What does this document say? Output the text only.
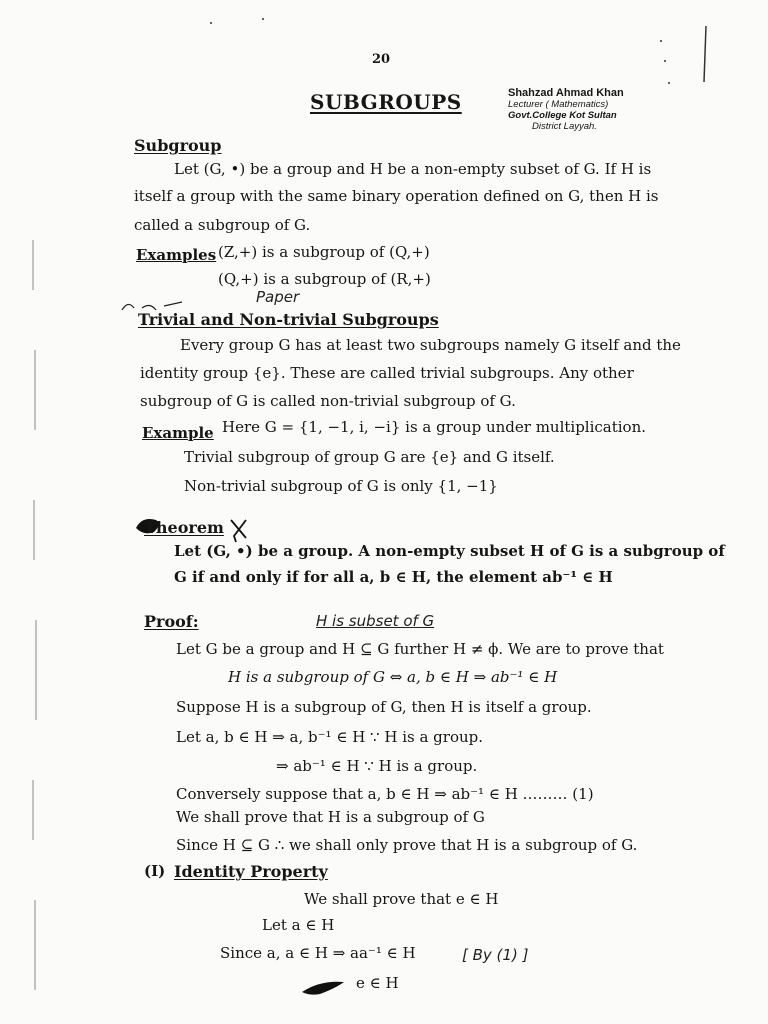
20
SUBGROUPS	Shahzad Ahmad Khan
Lecturer ( Mathematics)
Govt.College Kot Sultan
District Layyah.
Subgroup
Let (G, •) be a group and H be a non-empty subset of G. If H is
itself a group with the same binary operation defined on G, then H is
called a subgroup of G.
Examples (Z,+) is a subgroup of (Q,+)
(Q,+) is a subgroup of (R,+)
Paper
Trivial and Non-trivial Subgroups
Every group G has at least two subgroups namely G itself and the
identity group {e}. These are called trivial subgroups. Any other
subgroup of G is called non-trivial subgroup of G.
Example Here G = {1, −1, i, −i} is a group under multiplication.
Trivial subgroup of group G are {e} and G itself.
Non-trivial subgroup of G is only {1, −1}
Theorem
Let (G, •) be a group. A non-empty subset H of G is a subgroup of
G if and only if for all a, b ∈ H, the element ab⁻¹ ∈ H
Proof:	H is subset of G
Let G be a group and H ⊆ G further H ≠ ϕ. We are to prove that
H is a subgroup of G ⇔ a, b ∈ H ⇒ ab⁻¹ ∈ H
Suppose H is a subgroup of G, then H is itself a group.
Let a, b ∈ H ⇒ a, b⁻¹ ∈ H ∵ H is a group.
⇒ ab⁻¹ ∈ H ∵ H is a group.
Conversely suppose that a, b ∈ H ⇒ ab⁻¹ ∈ H ……… (1)
We shall prove that H is a subgroup of G
Since H ⊆ G ∴ we shall only prove that H is a subgroup of G.
(I) Identity Property
We shall prove that e ∈ H
Let a ∈ H
Since a, a ∈ H ⇒ aa⁻¹ ∈ H	[ By (1) ]
e ∈ H
